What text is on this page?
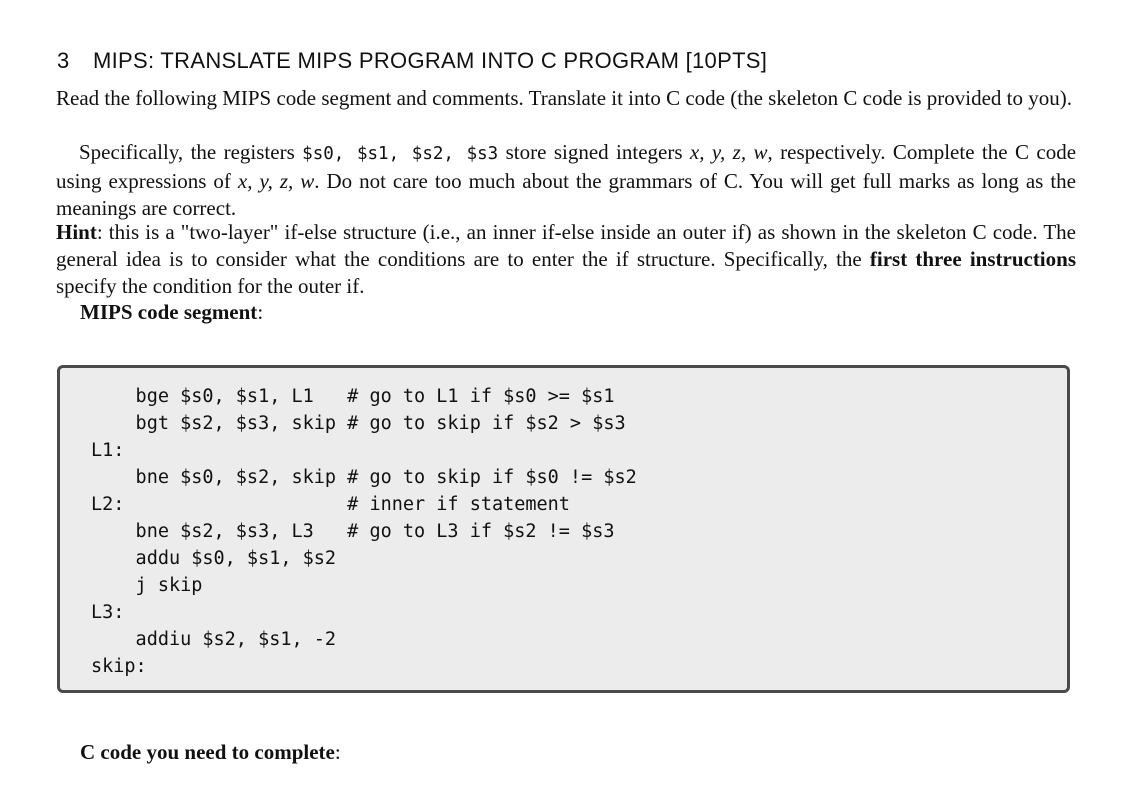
3 MIPS: TRANSLATE MIPS PROGRAM INTO C PROGRAM [10PTS]
Read the following MIPS code segment and comments. Translate it into C code (the skeleton C code is provided to you).
Specifically, the registers $s0, $s1, $s2, $s3 store signed integers x, y, z, w, respectively. Complete the C code using expressions of x, y, z, w. Do not care too much about the grammars of C. You will get full marks as long as the meanings are correct.
Hint: this is a "two-layer" if-else structure (i.e., an inner if-else inside an outer if) as shown in the skeleton C code. The general idea is to consider what the conditions are to enter the if structure. Specifically, the first three instructions specify the condition for the outer if.
MIPS code segment:
bge $s0, $s1, L1   # go to L1 if $s0 >= $s1
bgt $s2, $s3, skip # go to skip if $s2 > $s3
L1:
bne $s0, $s2, skip # go to skip if $s0 != $s2
L2:                    # inner if statement
bne $s2, $s3, L3   # go to L3 if $s2 != $s3
addu $s0, $s1, $s2
j skip
L3:
addiu $s2, $s1, -2
skip:
C code you need to complete:
